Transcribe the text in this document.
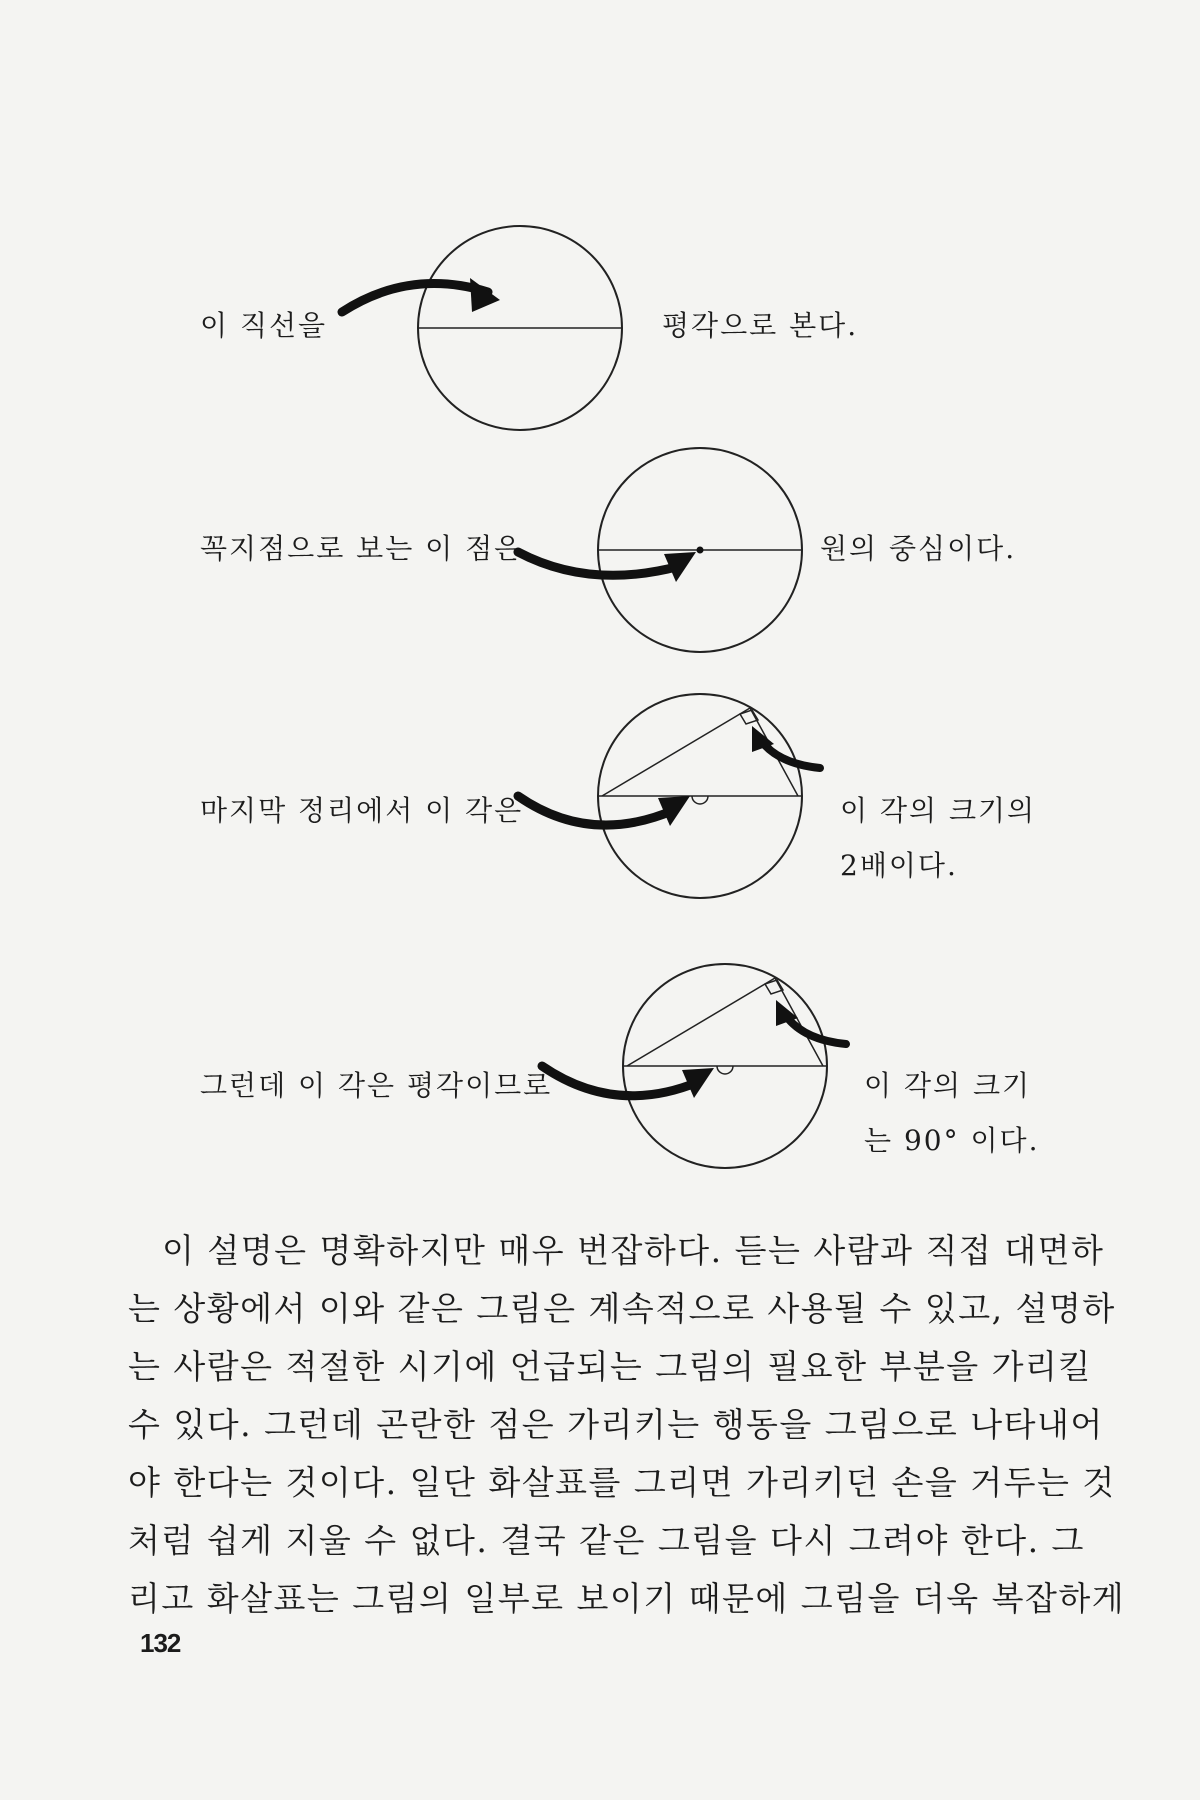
이 직선을	평각으로 본다.
꼭지점으로 보는 이 점은	원의 중심이다.
마지막 정리에서 이 각은	이 각의 크기의
2배이다.
그런데 이 각은 평각이므로	이 각의 크기
는 90° 이다.
이 설명은 명확하지만 매우 번잡하다. 듣는 사람과 직접 대면하
는 상황에서 이와 같은 그림은 계속적으로 사용될 수 있고, 설명하
는 사람은 적절한 시기에 언급되는 그림의 필요한 부분을 가리킬
수 있다. 그런데 곤란한 점은 가리키는 행동을 그림으로 나타내어
야 한다는 것이다. 일단 화살표를 그리면 가리키던 손을 거두는 것
처럼 쉽게 지울 수 없다. 결국 같은 그림을 다시 그려야 한다. 그
리고 화살표는 그림의 일부로 보이기 때문에 그림을 더욱 복잡하게
132
